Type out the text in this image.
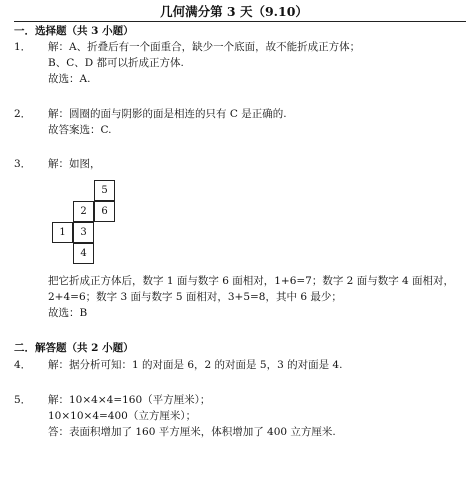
几何满分第 3 天（9.10）
一．选择题（共 3 小题）
1． 解：A、折叠后有一个面重合，缺少一个底面，故不能折成正方体；
B、C、D 都可以折成正方体.
故选：A.
2． 解：圆圈的面与阴影的面是相连的只有 C 是正确的.
故答案选：C.
3． 解：如图，
5
2	6
1	3
4
把它折成正方体后，数字 1 面与数字 6 面相对，1+6=7；数字 2 面与数字 4 面相对，
2+4=6；数字 3 面与数字 5 面相对，3+5=8，其中 6 最少；
故选：B
二．解答题（共 2 小题）
4． 解：据分析可知：1 的对面是 6，2 的对面是 5，3 的对面是 4.
5． 解：10×4×4=160（平方厘米）；
10×10×4=400（立方厘米）；
答：表面积增加了 160 平方厘米，体积增加了 400 立方厘米.
